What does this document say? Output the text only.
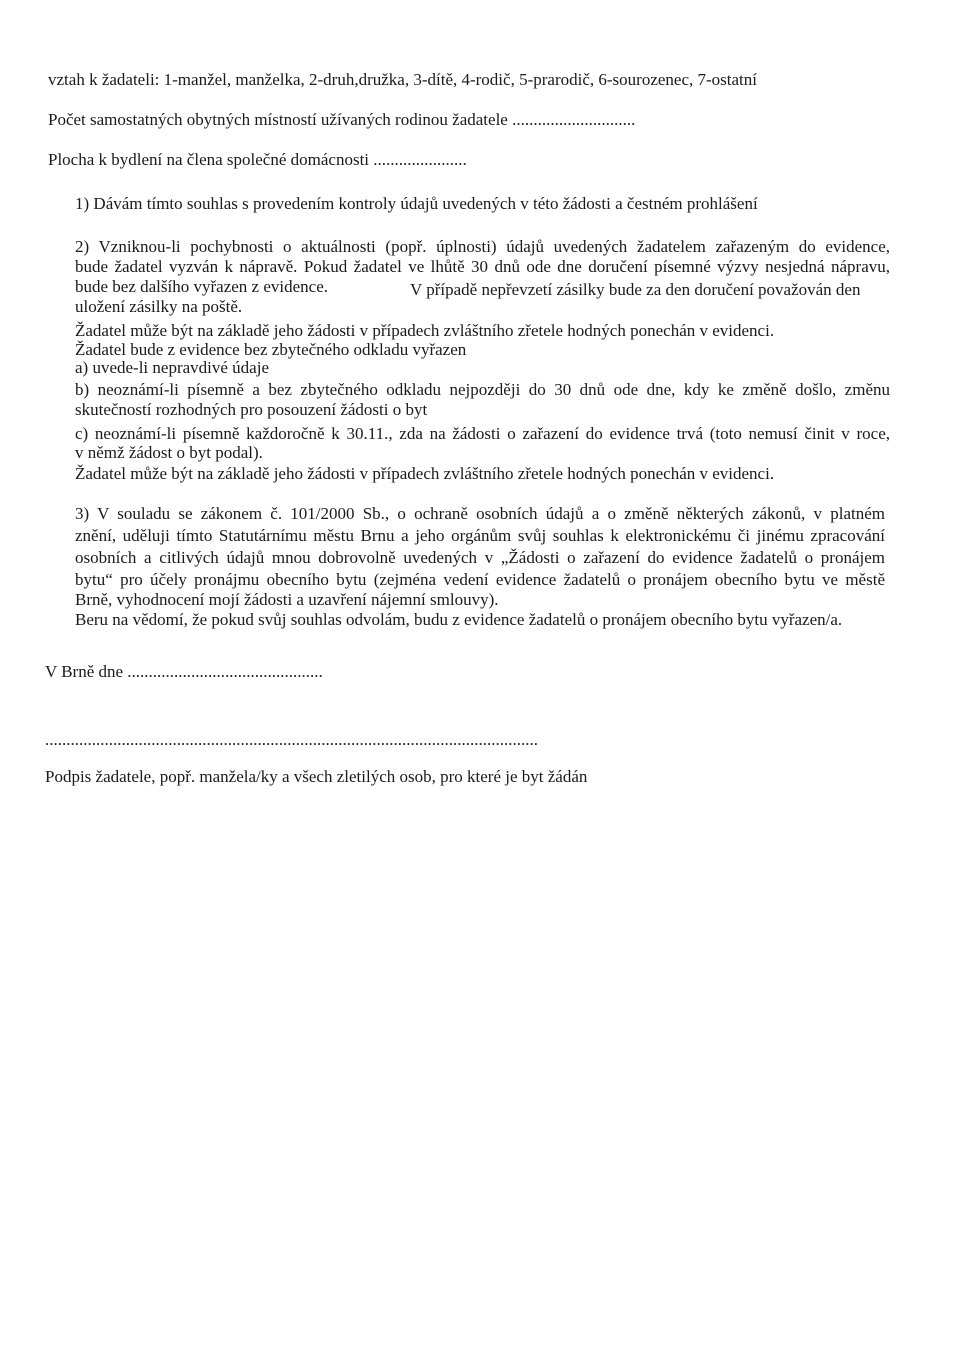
vztah k žadateli: 1-manžel, manželka, 2-druh,družka, 3-dítě, 4-rodič, 5-prarodič, 6-sourozenec, 7-ostatní
Počet samostatných obytných místností užívaných rodinou žadatele .............................
Plocha k bydlení na člena společné domácnosti ......................
1) Dávám tímto souhlas s provedením kontroly údajů uvedených v této žádosti a čestném prohlášení
2) Vzniknou-li pochybnosti o aktuálnosti (popř. úplnosti) údajů uvedených žadatelem zařazeným do evidence,
bude žadatel vyzván k nápravě. Pokud žadatel ve lhůtě 30 dnů ode dne doručení písemné výzvy nesjedná nápravu,
bude bez dalšího vyřazen z evidence.	V případě nepřevzetí zásilky bude za den doručení považován den
uložení zásilky na poště.
Žadatel může být na základě jeho žádosti v případech zvláštního zřetele hodných ponechán v evidenci.
Žadatel bude z evidence bez zbytečného odkladu vyřazen
a) uvede-li nepravdivé údaje
b) neoznámí-li písemně a bez zbytečného odkladu nejpozději do 30 dnů ode dne, kdy ke změně došlo, změnu
skutečností rozhodných pro posouzení žádosti o byt
c) neoznámí-li písemně každoročně k 30.11., zda na žádosti o zařazení do evidence trvá (toto nemusí činit v roce,
v němž žádost o byt podal).
Žadatel může být na základě jeho žádosti v případech zvláštního zřetele hodných ponechán v evidenci.
3) V souladu se zákonem č. 101/2000 Sb., o ochraně osobních údajů a o změně některých zákonů, v platném
znění, uděluji tímto Statutárnímu městu Brnu a jeho orgánům svůj souhlas k elektronickému či jinému zpracování
osobních a citlivých údajů mnou dobrovolně uvedených v „Žádosti o zařazení do evidence žadatelů o pronájem
bytu“ pro účely pronájmu obecního bytu (zejména vedení evidence žadatelů o pronájem obecního bytu ve městě
Brně, vyhodnocení mojí žádosti a uzavření nájemní smlouvy).
Beru na vědomí, že pokud svůj souhlas odvolám, budu z evidence žadatelů o pronájem obecního bytu vyřazen/a.
V Brně dne ..............................................
....................................................................................................................
Podpis žadatele, popř. manžela/ky a všech zletilých osob, pro které je byt žádán
